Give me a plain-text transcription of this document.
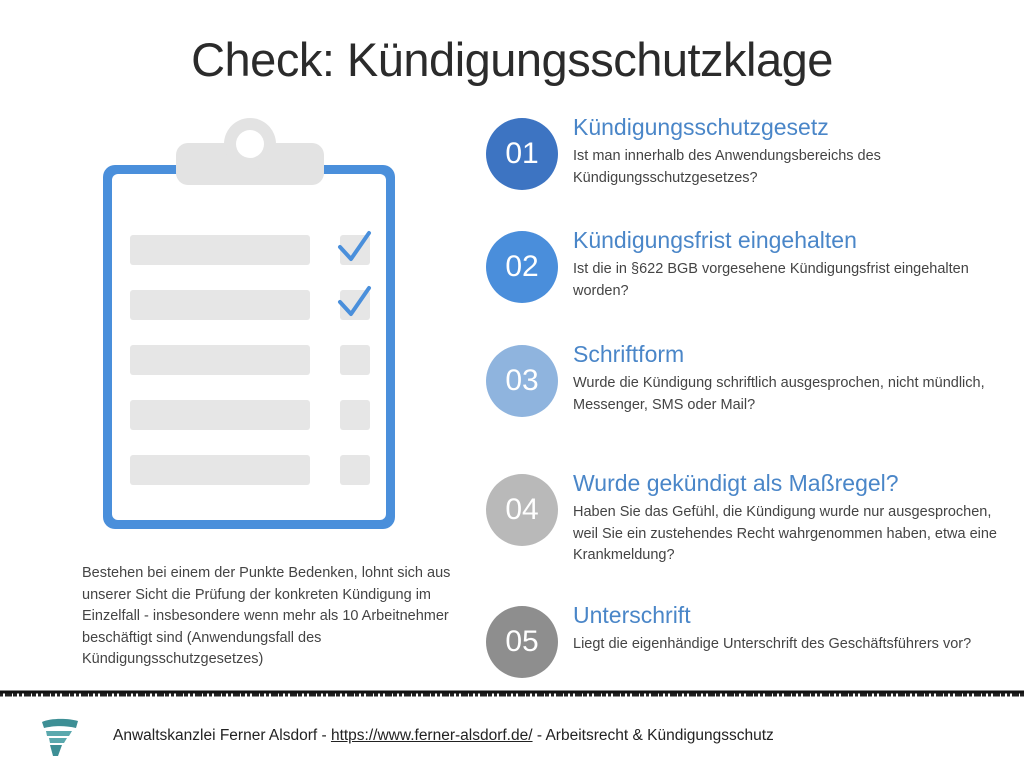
Check: Kündigungsschutzklage
Bestehen bei einem der Punkte Bedenken, lohnt sich aus unserer Sicht die Prüfung der konkreten Kündigung im Einzelfall - insbesondere wenn mehr als 10 Arbeitnehmer beschäftigt sind (Anwendungsfall des Kündigungsschutzgesetzes)
01
Kündigungsschutzgesetz
Ist man innerhalb des Anwendungsbereichs des Kündigungsschutzgesetzes?
02
Kündigungsfrist eingehalten
Ist die in §622 BGB vorgesehene Kündigungsfrist eingehalten worden?
03
Schriftform
Wurde die Kündigung schriftlich ausgesprochen, nicht mündlich, Messenger, SMS oder Mail?
04
Wurde gekündigt als Maßregel?
Haben Sie das Gefühl, die Kündigung wurde nur ausgesprochen, weil Sie ein zustehendes Recht wahrgenommen haben, etwa eine Krankmeldung?
05
Unterschrift
Liegt die eigenhändige Unterschrift des Geschäftsführers vor?
Anwaltskanzlei Ferner Alsdorf - https://www.ferner-alsdorf.de/ - Arbeitsrecht & Kündigungsschutz
